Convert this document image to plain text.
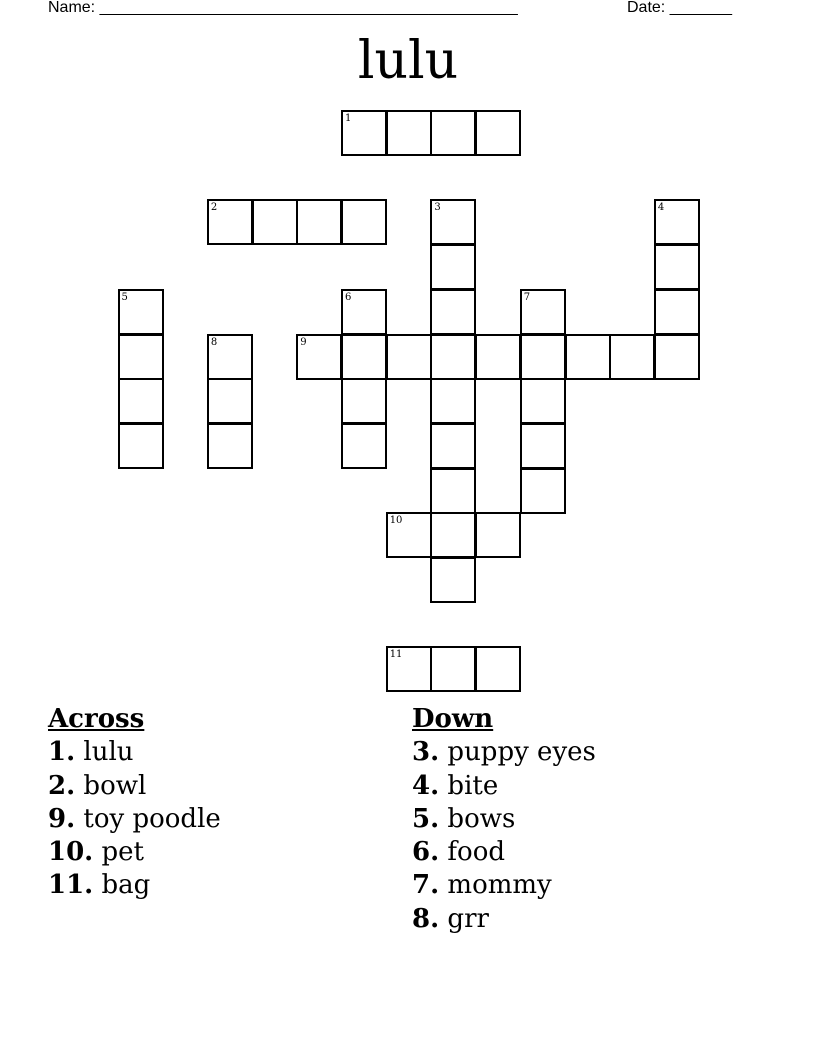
Name: _______________________________________________	Date: _______
lulu
1
2	3	4
5	6	7
8	9
10
11
Across
1. lulu
2. bowl
9. toy poodle
10. pet
11. bag
Down
3. puppy eyes
4. bite
5. bows
6. food
7. mommy
8. grr
